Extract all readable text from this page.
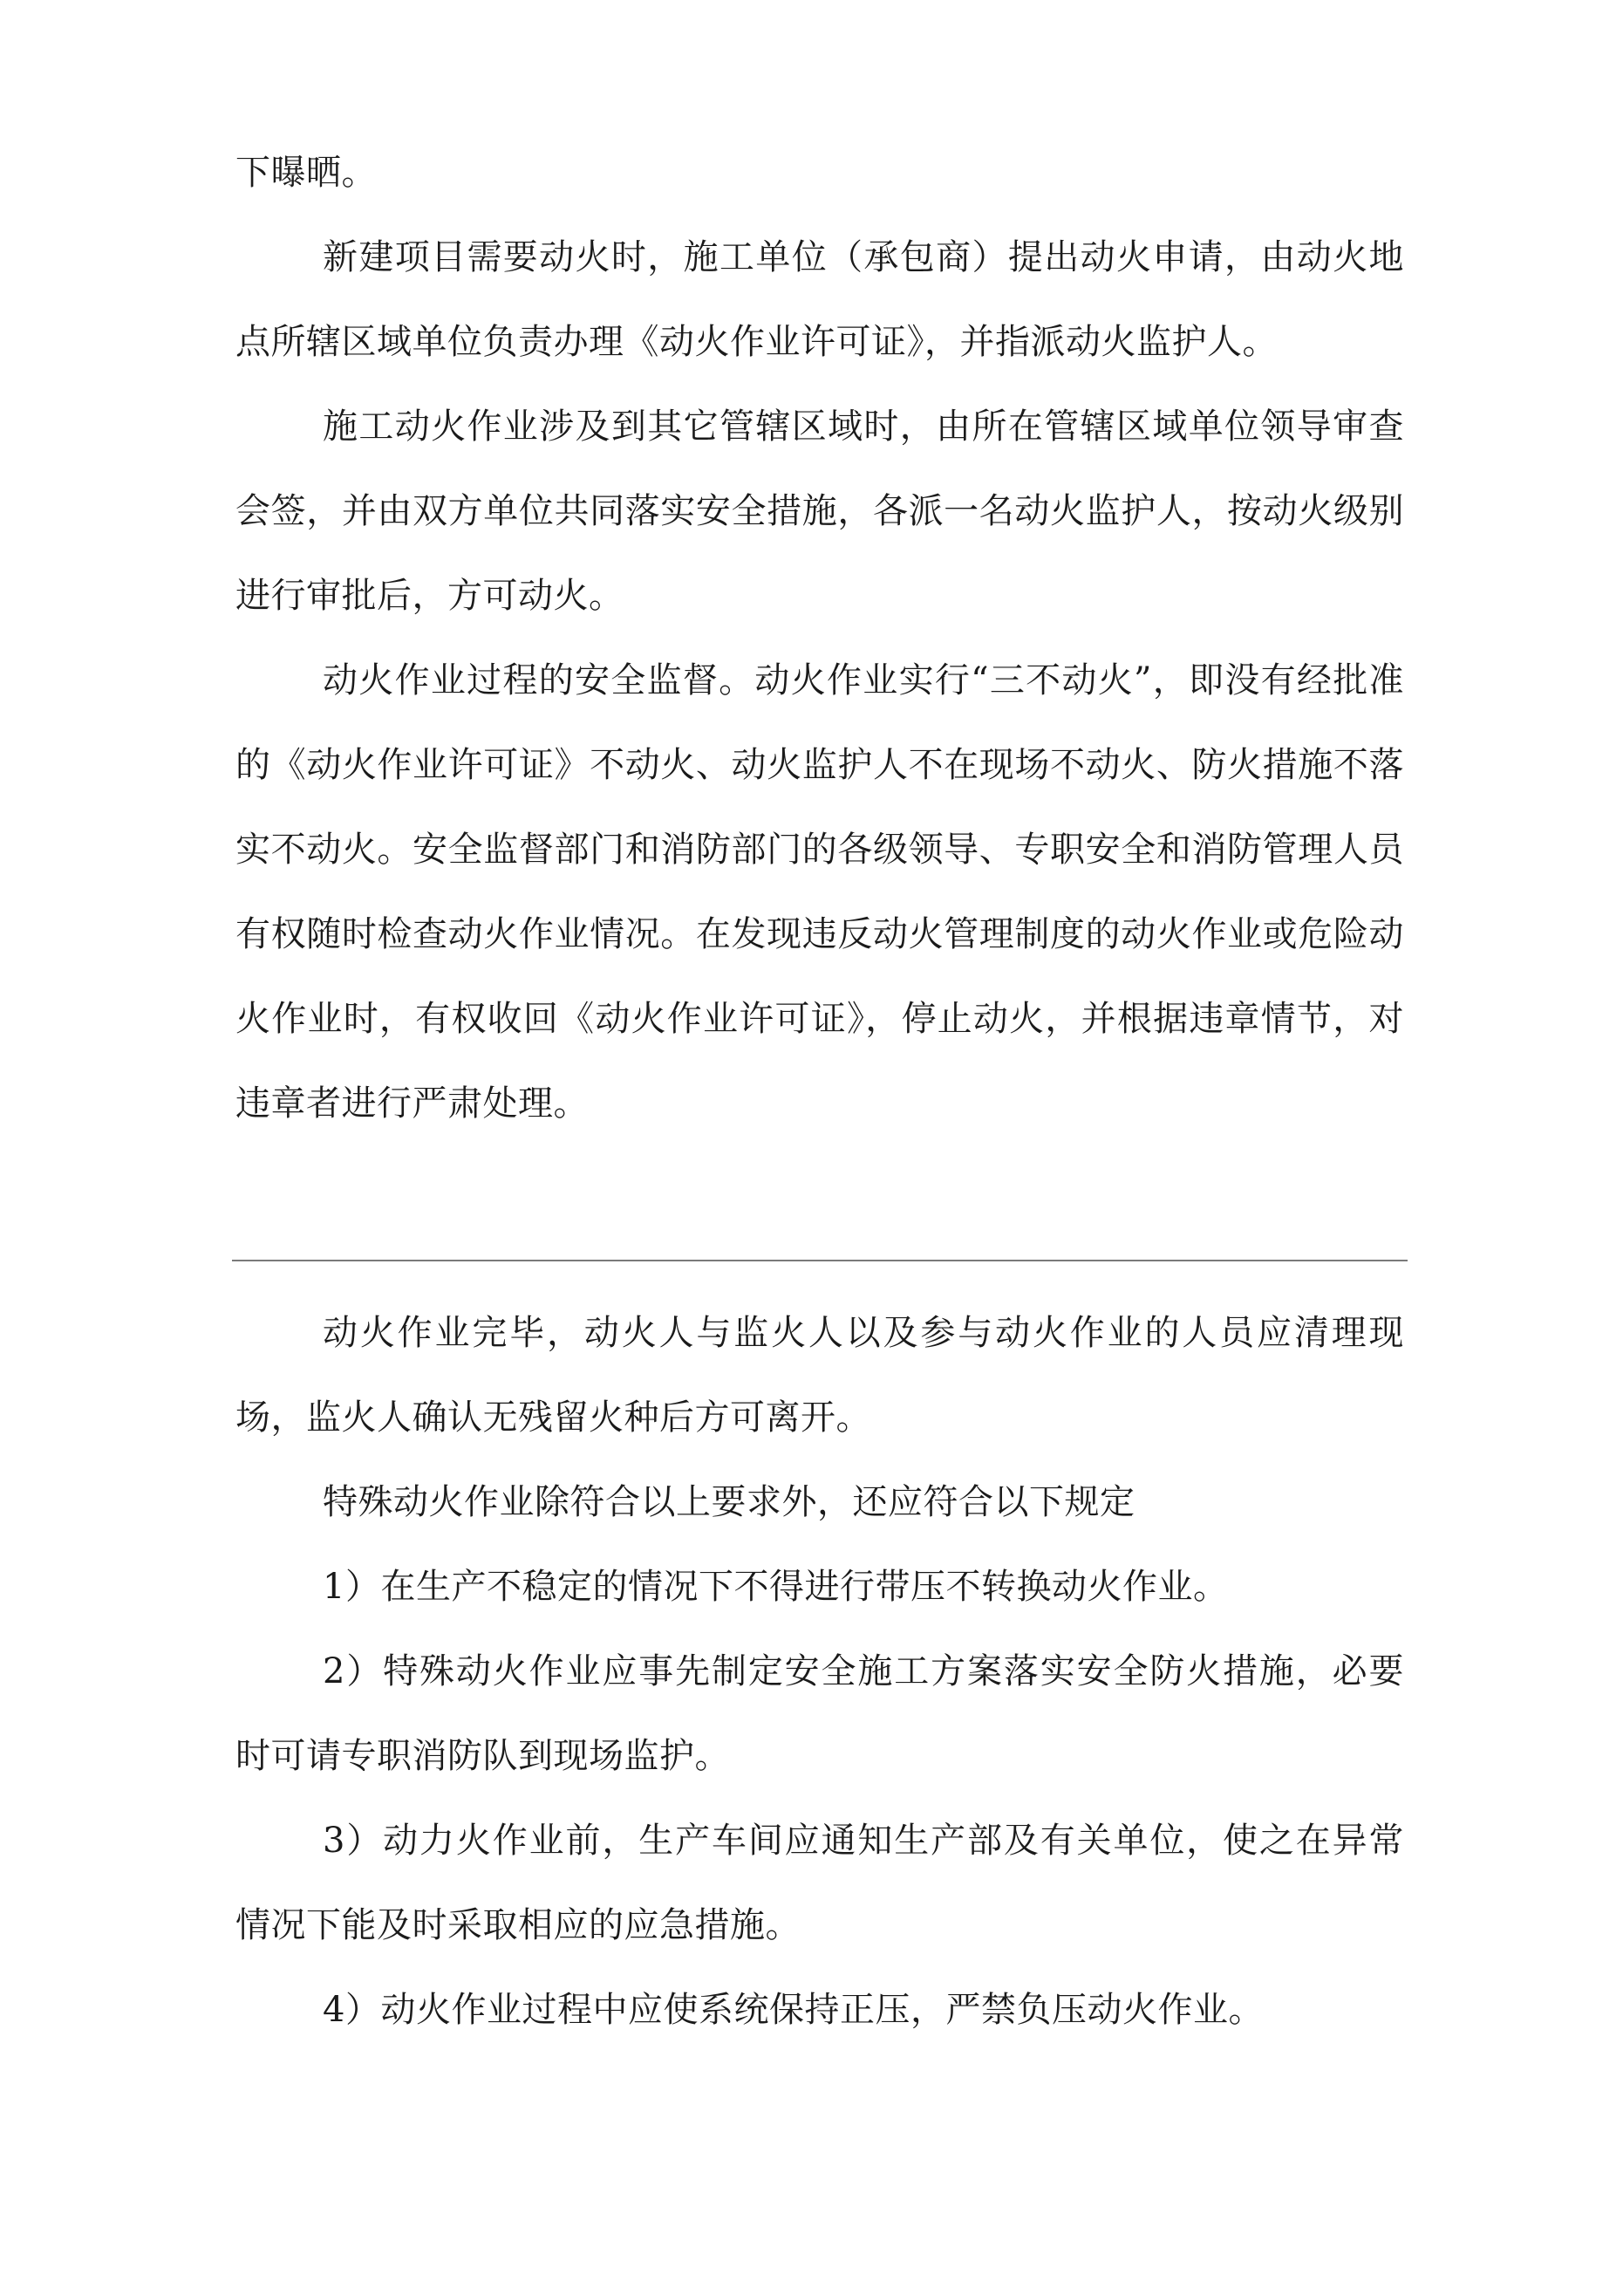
下曝晒。

新建项目需要动火时，施工单位（承包商）提出动火申请，由动火地点所辖区域单位负责办理《动火作业许可证》，并指派动火监护人。

施工动火作业涉及到其它管辖区域时，由所在管辖区域单位领导审查会签，并由双方单位共同落实安全措施，各派一名动火监护人，按动火级别进行审批后，方可动火。

动火作业过程的安全监督。动火作业实行“三不动火”，即没有经批准的《动火作业许可证》不动火、动火监护人不在现场不动火、防火措施不落实不动火。安全监督部门和消防部门的各级领导、专职安全和消防管理人员有权随时检查动火作业情况。在发现违反动火管理制度的动火作业或危险动火作业时，有权收回《动火作业许可证》，停止动火，并根据违章情节，对违章者进行严肃处理。

动火作业完毕，动火人与监火人以及参与动火作业的人员应清理现场，监火人确认无残留火种后方可离开。

特殊动火作业除符合以上要求外，还应符合以下规定

1）在生产不稳定的情况下不得进行带压不转换动火作业。

2）特殊动火作业应事先制定安全施工方案落实安全防火措施，必要时可请专职消防队到现场监护。

3）动力火作业前，生产车间应通知生产部及有关单位，使之在异常情况下能及时采取相应的应急措施。

4）动火作业过程中应使系统保持正压，严禁负压动火作业。
